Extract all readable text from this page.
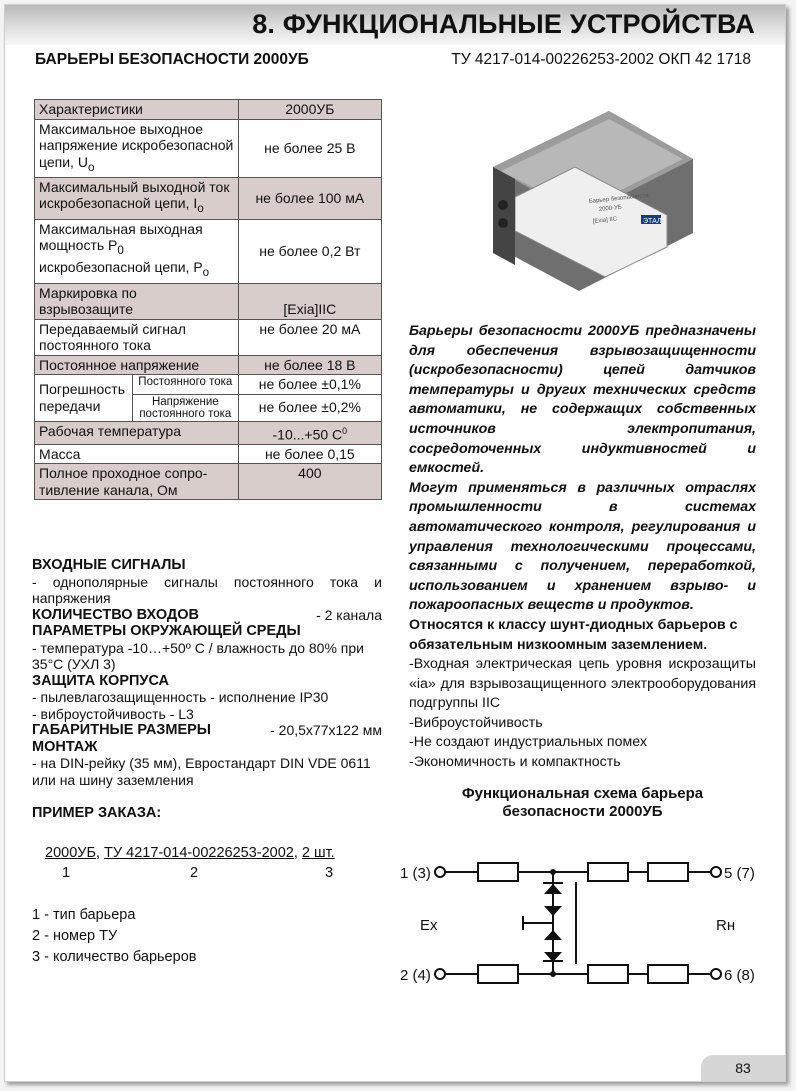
8. ФУНКЦИОНАЛЬНЫЕ УСТРОЙСТВА
БАРЬЕРЫ БЕЗОПАСНОСТИ 2000УБ	ТУ 4217-014-00226253-2002 ОКП 42 1718
Характеристики		2000УБ
Максимальное выходное напряжение искробезопасной цепи, $U_o$		не более 25 В
Максимальный выходной ток искробезопасной цепи, $I_o$		не более 100 мА
Максимальная выходная мощность $Р_0$ искробезопасной цепи, $Р_o$		не более 0,2 Вт
Маркировка по взрывозащите		[Exia]IIC
Передаваемый сигнал постоянного тока		не более 20 мА
Постоянное напряжение		не более 18 В
Погрешность передачи	Постоянного тока	не более ±0,1%
	Напряжение постоянного тока	не более ±0,2%
Рабочая температура		-10...+50 $С^0$
Масса		не более 0,15
Полное проходное сопро- тивление канала, Ом		400
Барьер безопасности
2000-УБ
[Exia] IIC	ЭТАЛ
Барьеры безопасности 2000УБ предназначены для обеспечения взрывозащищенности (искробезопасности) цепей датчиков температуры и других технических средств автоматики, не содержащих собственных источников электропитания, сосредоточенных индуктивностей и емкостей.
Могут применяться в различных отраслях промышленности в системах автоматического контроля, регулирования и управления технологическими процессами, связанными с получением, переработкой, использованием и хранением взрыво- и пожароопасных веществ и продуктов.
Относятся к классу шунт-диодных барьеров с обязательным низкоомным заземлением.
-Входная электрическая цепь уровня искрозащиты «ia» для взрывозащищенного электрооборудования подгруппы IIC
-Виброустойчивость
-Не создают индустриальных помех
-Экономичность и компактность
Функциональная схема барьера безопасности 2000УБ
1 (3)
2 (4)
5 (7)
6 (8)
Ex	Rн
ВХОДНЫЕ СИГНАЛЫ
- однополярные сигналы постоянного тока и напряжения
КОЛИЧЕСТВО ВХОДОВ	- 2 канала
ПАРАМЕТРЫ ОКРУЖАЮЩЕЙ СРЕДЫ
- температура -10…+50º С / влажность до 80% при 35°С (УХЛ 3)
ЗАЩИТА КОРПУСА
- пылевлагозащищенность - исполнение IP30
- виброустойчивость - L3
ГАБАРИТНЫЕ РАЗМЕРЫ	- 20,5х77х122 мм
МОНТАЖ
- на DIN-рейку (35 мм), Евростандарт DIN VDE 0611 или на шину заземления
ПРИМЕР ЗАКАЗА:
2000УБ, ТУ 4217-014-00226253-2002, 2 шт.
1	2	3
1 - тип барьера
2 - номер ТУ
3 - количество барьеров
83
